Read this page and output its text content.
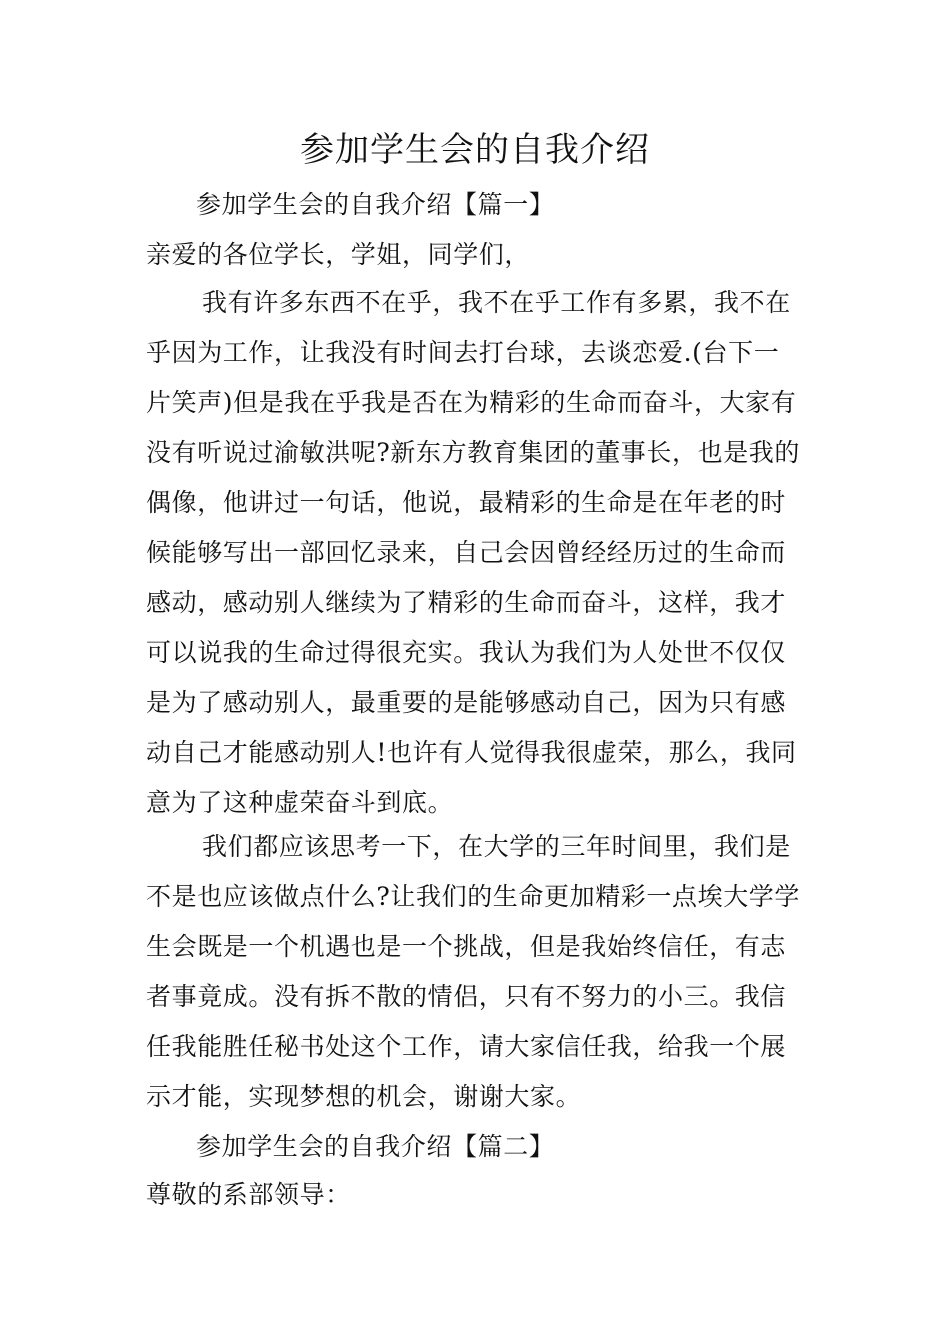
参加学生会的自我介绍

参加学生会的自我介绍【篇一】

亲爱的各位学长，学姐，同学们，

我有许多东西不在乎，我不在乎工作有多累，我不在
乎因为工作，让我没有时间去打台球，去谈恋爱.(台下一
片笑声)但是我在乎我是否在为精彩的生命而奋斗，大家有
没有听说过渝敏洪呢?新东方教育集团的董事长，也是我的
偶像，他讲过一句话，他说，最精彩的生命是在年老的时
候能够写出一部回忆录来，自己会因曾经经历过的生命而
感动，感动别人继续为了精彩的生命而奋斗，这样，我才
可以说我的生命过得很充实。我认为我们为人处世不仅仅
是为了感动别人，最重要的是能够感动自己，因为只有感
动自己才能感动别人!也许有人觉得我很虚荣，那么，我同
意为了这种虚荣奋斗到底。
我们都应该思考一下，在大学的三年时间里，我们是
不是也应该做点什么?让我们的生命更加精彩一点埃大学学
生会既是一个机遇也是一个挑战，但是我始终信任，有志
者事竟成。没有拆不散的情侣，只有不努力的小三。我信
任我能胜任秘书处这个工作，请大家信任我，给我一个展
示才能，实现梦想的机会，谢谢大家。

参加学生会的自我介绍【篇二】

尊敬的系部领导：
